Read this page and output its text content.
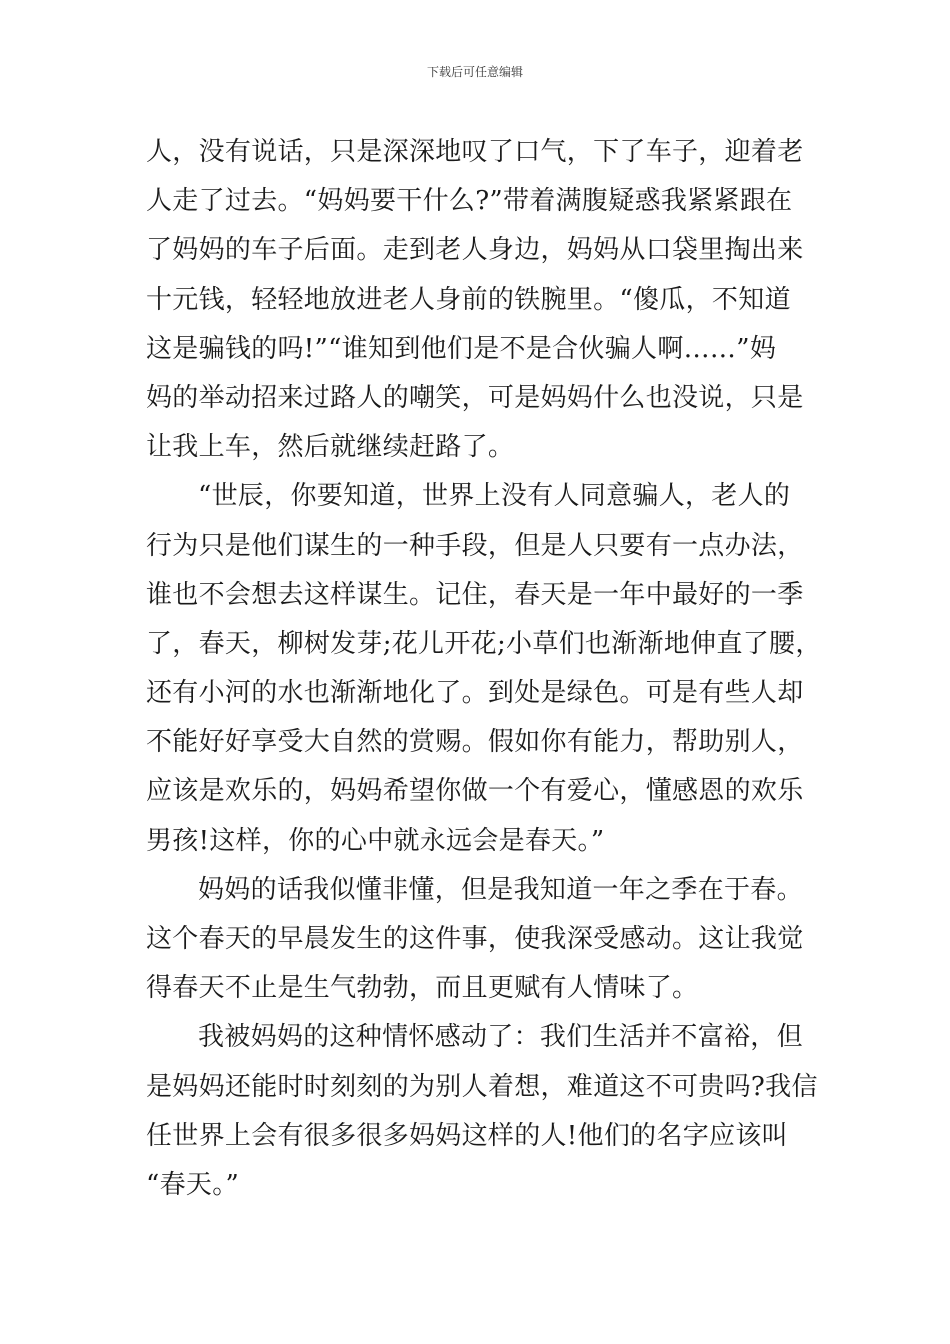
下载后可任意编辑
人，没有说话，只是深深地叹了口气，下了车子，迎着老
人走了过去。“妈妈要干什么?”带着满腹疑惑我紧紧跟在
了妈妈的车子后面。走到老人身边，妈妈从口袋里掏出来
十元钱，轻轻地放进老人身前的铁腕里。“傻瓜，不知道
这是骗钱的吗!”“谁知到他们是不是合伙骗人啊……”妈
妈的举动招来过路人的嘲笑，可是妈妈什么也没说，只是
让我上车，然后就继续赶路了。
“世辰，你要知道，世界上没有人同意骗人，老人的
行为只是他们谋生的一种手段，但是人只要有一点办法，
谁也不会想去这样谋生。记住，春天是一年中最好的一季
了，春天，柳树发芽;花儿开花;小草们也渐渐地伸直了腰，
还有小河的水也渐渐地化了。到处是绿色。可是有些人却
不能好好享受大自然的赏赐。假如你有能力，帮助别人，
应该是欢乐的，妈妈希望你做一个有爱心，懂感恩的欢乐
男孩!这样，你的心中就永远会是春天。”
妈妈的话我似懂非懂，但是我知道一年之季在于春。
这个春天的早晨发生的这件事，使我深受感动。这让我觉
得春天不止是生气勃勃，而且更赋有人情味了。
我被妈妈的这种情怀感动了：我们生活并不富裕，但
是妈妈还能时时刻刻的为别人着想，难道这不可贵吗?我信
任世界上会有很多很多妈妈这样的人!他们的名字应该叫
“春天。”
